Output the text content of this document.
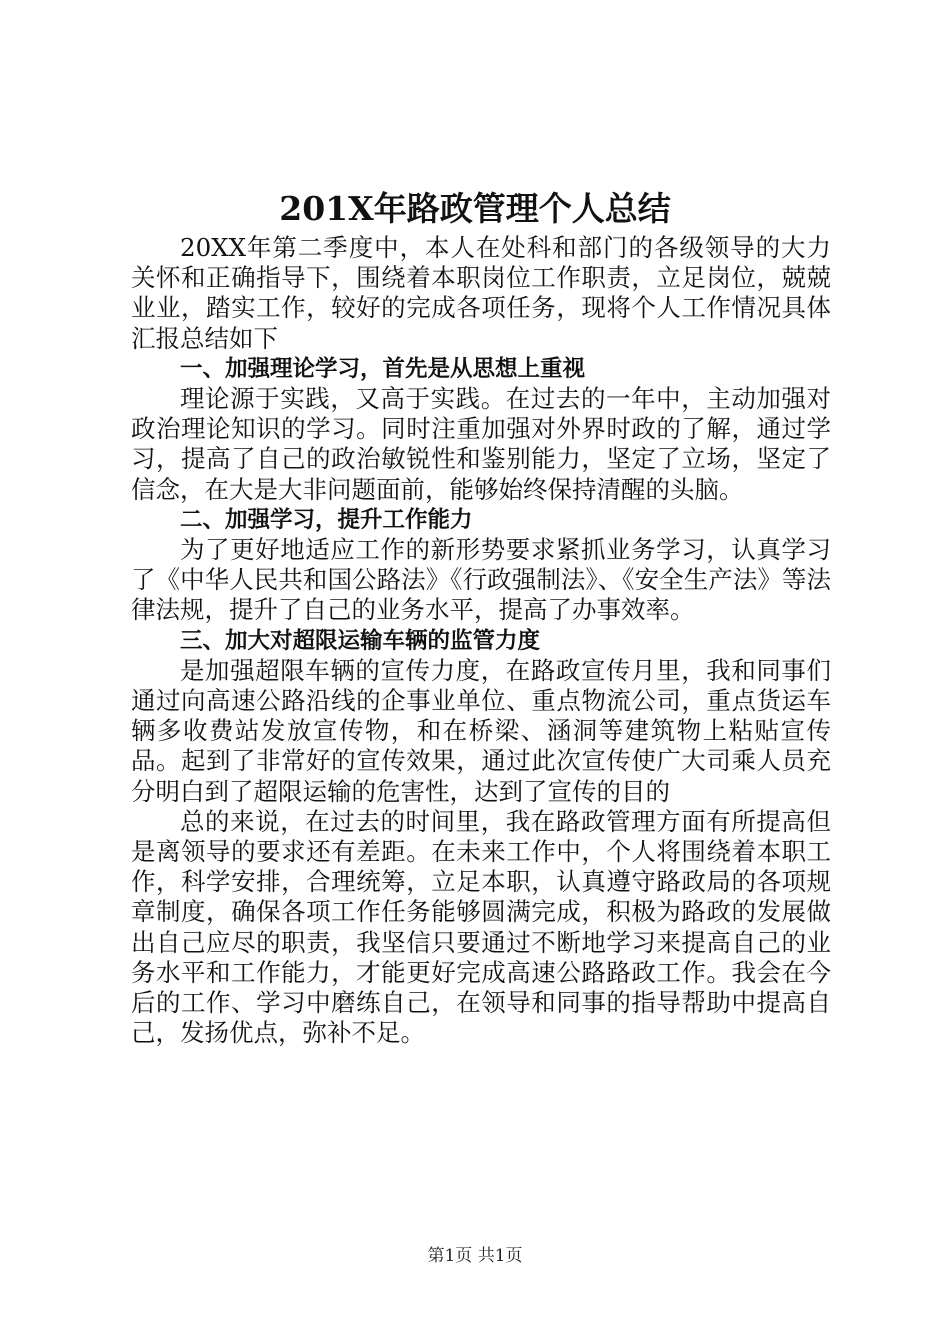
201X年路政管理个人总结

20XX年第二季度中，本人在处科和部门的各级领导的大力关怀和正确指导下，围绕着本职岗位工作职责，立足岗位，兢兢业业，踏实工作，较好的完成各项任务，现将个人工作情况具体汇报总结如下

一、加强理论学习，首先是从思想上重视

理论源于实践，又高于实践。在过去的一年中，主动加强对政治理论知识的学习。同时注重加强对外界时政的了解，通过学习，提高了自己的政治敏锐性和鉴别能力，坚定了立场，坚定了信念，在大是大非问题面前，能够始终保持清醒的头脑。

二、加强学习，提升工作能力

为了更好地适应工作的新形势要求紧抓业务学习，认真学习了《中华人民共和国公路法》《行政强制法》、《安全生产法》等法律法规，提升了自己的业务水平，提高了办事效率。

三、加大对超限运输车辆的监管力度

是加强超限车辆的宣传力度，在路政宣传月里，我和同事们通过向高速公路沿线的企事业单位、重点物流公司，重点货运车辆多收费站发放宣传物，和在桥梁、涵洞等建筑物上粘贴宣传品。起到了非常好的宣传效果，通过此次宣传使广大司乘人员充分明白到了超限运输的危害性，达到了宣传的目的

总的来说，在过去的时间里，我在路政管理方面有所提高但是离领导的要求还有差距。在未来工作中，个人将围绕着本职工作，科学安排，合理统筹，立足本职，认真遵守路政局的各项规章制度，确保各项工作任务能够圆满完成，积极为路政的发展做出自己应尽的职责，我坚信只要通过不断地学习来提高自己的业务水平和工作能力，才能更好完成高速公路路政工作。我会在今后的工作、学习中磨练自己，在领导和同事的指导帮助中提高自己，发扬优点，弥补不足。

第1页 共1页
